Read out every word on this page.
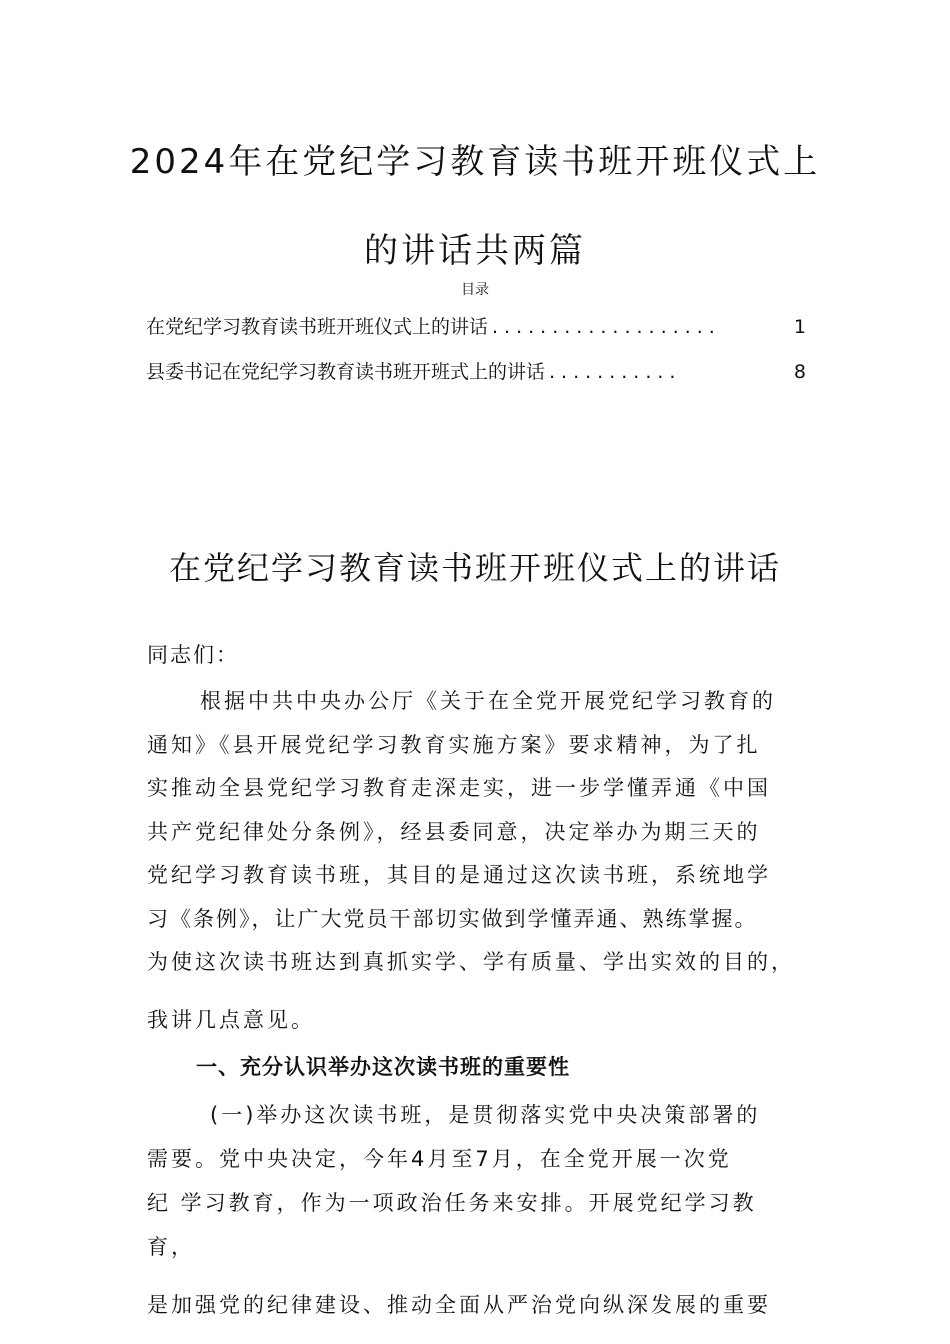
2024年在党纪学习教育读书班开班仪式上
的讲话共两篇
目录
在党纪学习教育读书班开班仪式上的讲话 ...................	1
县委书记在党纪学习教育读书班开班式上的讲话 ...........	8
在党纪学习教育读书班开班仪式上的讲话
同志们：
根据中共中央办公厅《关于在全党开展党纪学习教育的
通知》《县开展党纪学习教育实施方案》要求精神，为了扎
实推动全县党纪学习教育走深走实，进一步学懂弄通《中国
共产党纪律处分条例》，经县委同意，决定举办为期三天的
党纪学习教育读书班，其目的是通过这次读书班，系统地学
习《条例》，让广大党员干部切实做到学懂弄通、熟练掌握。
为使这次读书班达到真抓实学、学有质量、学出实效的目的，
我讲几点意见。
一、充分认识举办这次读书班的重要性
(一)举办这次读书班，是贯彻落实党中央决策部署的
需要。党中央决定，今年4月至7月，在全党开展一次党
纪 学习教育，作为一项政治任务来安排。开展党纪学习教
育，
是加强党的纪律建设、推动全面从严治党向纵深发展的重要
